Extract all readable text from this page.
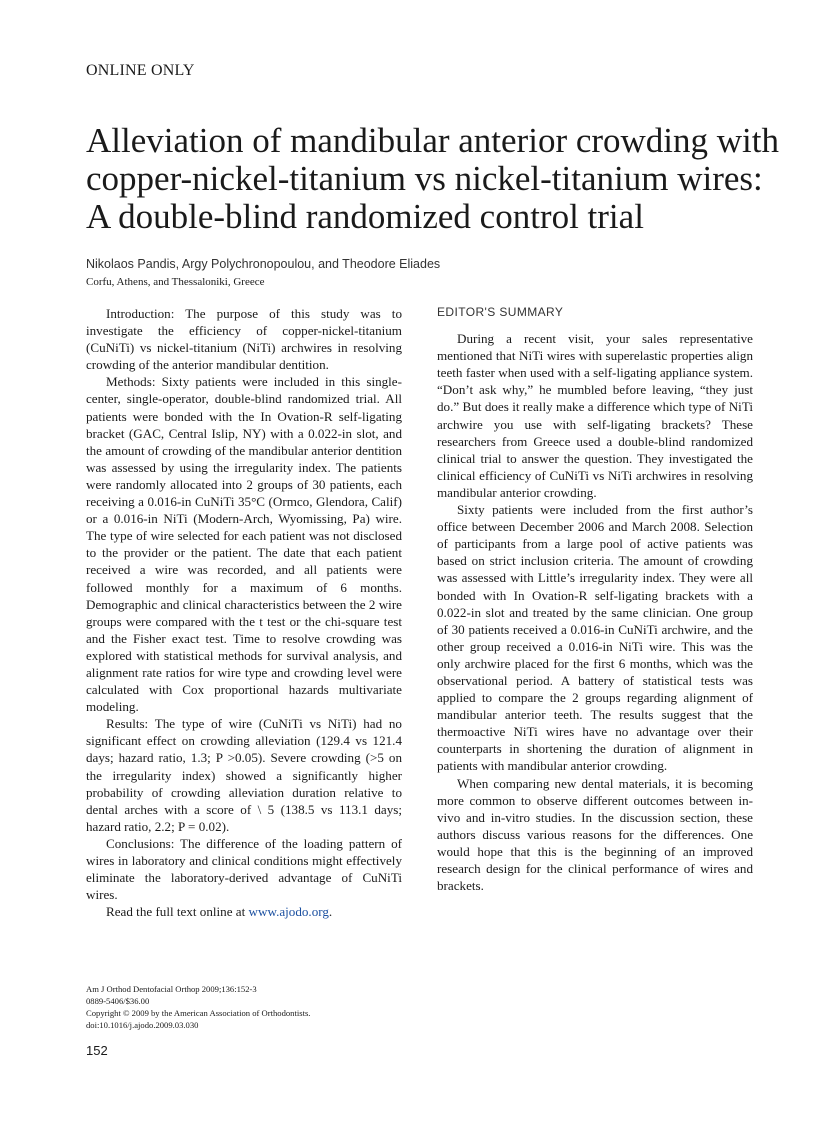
ONLINE ONLY
Alleviation of mandibular anterior crowding with
copper-nickel-titanium vs nickel-titanium wires:
A double-blind randomized control trial
Nikolaos Pandis, Argy Polychronopoulou, and Theodore Eliades
Corfu, Athens, and Thessaloniki, Greece

Introduction: The purpose of this study was to investigate the efficiency of copper-nickel-titanium (CuNiTi) vs nickel-titanium (NiTi) archwires in resolving crowding of the anterior mandibular dentition.

Methods: Sixty patients were included in this single-center, single-operator, double-blind randomized trial. All patients were bonded with the In Ovation-R self-ligating bracket (GAC, Central Islip, NY) with a 0.022-in slot, and the amount of crowding of the mandibular anterior dentition was assessed by using the irregularity index. The patients were randomly allocated into 2 groups of 30 patients, each receiving a 0.016-in CuNiTi 35°C (Ormco, Glendora, Calif) or a 0.016-in NiTi (Modern-Arch, Wyomissing, Pa) wire. The type of wire selected for each patient was not disclosed to the provider or the patient. The date that each patient received a wire was recorded, and all patients were followed monthly for a maximum of 6 months. Demographic and clinical characteristics between the 2 wire groups were compared with the t test or the chi-square test and the Fisher exact test. Time to resolve crowding was explored with statistical methods for survival analysis, and alignment rate ratios for wire type and crowding level were calculated with Cox proportional hazards multivariate modeling.

Results: The type of wire (CuNiTi vs NiTi) had no significant effect on crowding alleviation (129.4 vs 121.4 days; hazard ratio, 1.3; P >0.05). Severe crowding (>5 on the irregularity index) showed a significantly higher probability of crowding alleviation duration relative to dental arches with a score of \ 5 (138.5 vs 113.1 days; hazard ratio, 2.2; P = 0.02).

Conclusions: The difference of the loading pattern of wires in laboratory and clinical conditions might effectively eliminate the laboratory-derived advantage of CuNiTi wires.

Read the full text online at www.ajodo.org.

EDITOR'S SUMMARY

During a recent visit, your sales representative mentioned that NiTi wires with superelastic properties align teeth faster when used with a self-ligating appliance system. “Don’t ask why,” he mumbled before leaving, “they just do.” But does it really make a difference which type of NiTi archwire you use with self-ligating brackets? These researchers from Greece used a double-blind randomized clinical trial to answer the question. They investigated the clinical efficiency of CuNiTi vs NiTi archwires in resolving mandibular anterior crowding.

Sixty patients were included from the first author’s office between December 2006 and March 2008. Selection of participants from a large pool of active patients was based on strict inclusion criteria. The amount of crowding was assessed with Little’s irregularity index. They were all bonded with In Ovation-R self-ligating brackets with a 0.022-in slot and treated by the same clinician. One group of 30 patients received a 0.016-in CuNiTi archwire, and the other group received a 0.016-in NiTi wire. This was the only archwire placed for the first 6 months, which was the observational period. A battery of statistical tests was applied to compare the 2 groups regarding alignment of mandibular anterior teeth. The results suggest that the thermoactive NiTi wires have no advantage over their counterparts in shortening the duration of alignment in patients with mandibular anterior crowding.

When comparing new dental materials, it is becoming more common to observe different outcomes between in-vivo and in-vitro studies. In the discussion section, these authors discuss various reasons for the differences. One would hope that this is the beginning of an improved research design for the clinical performance of wires and brackets.

Am J Orthod Dentofacial Orthop 2009;136:152-3
0889-5406/$36.00
Copyright © 2009 by the American Association of Orthodontists.
doi:10.1016/j.ajodo.2009.03.030
152
